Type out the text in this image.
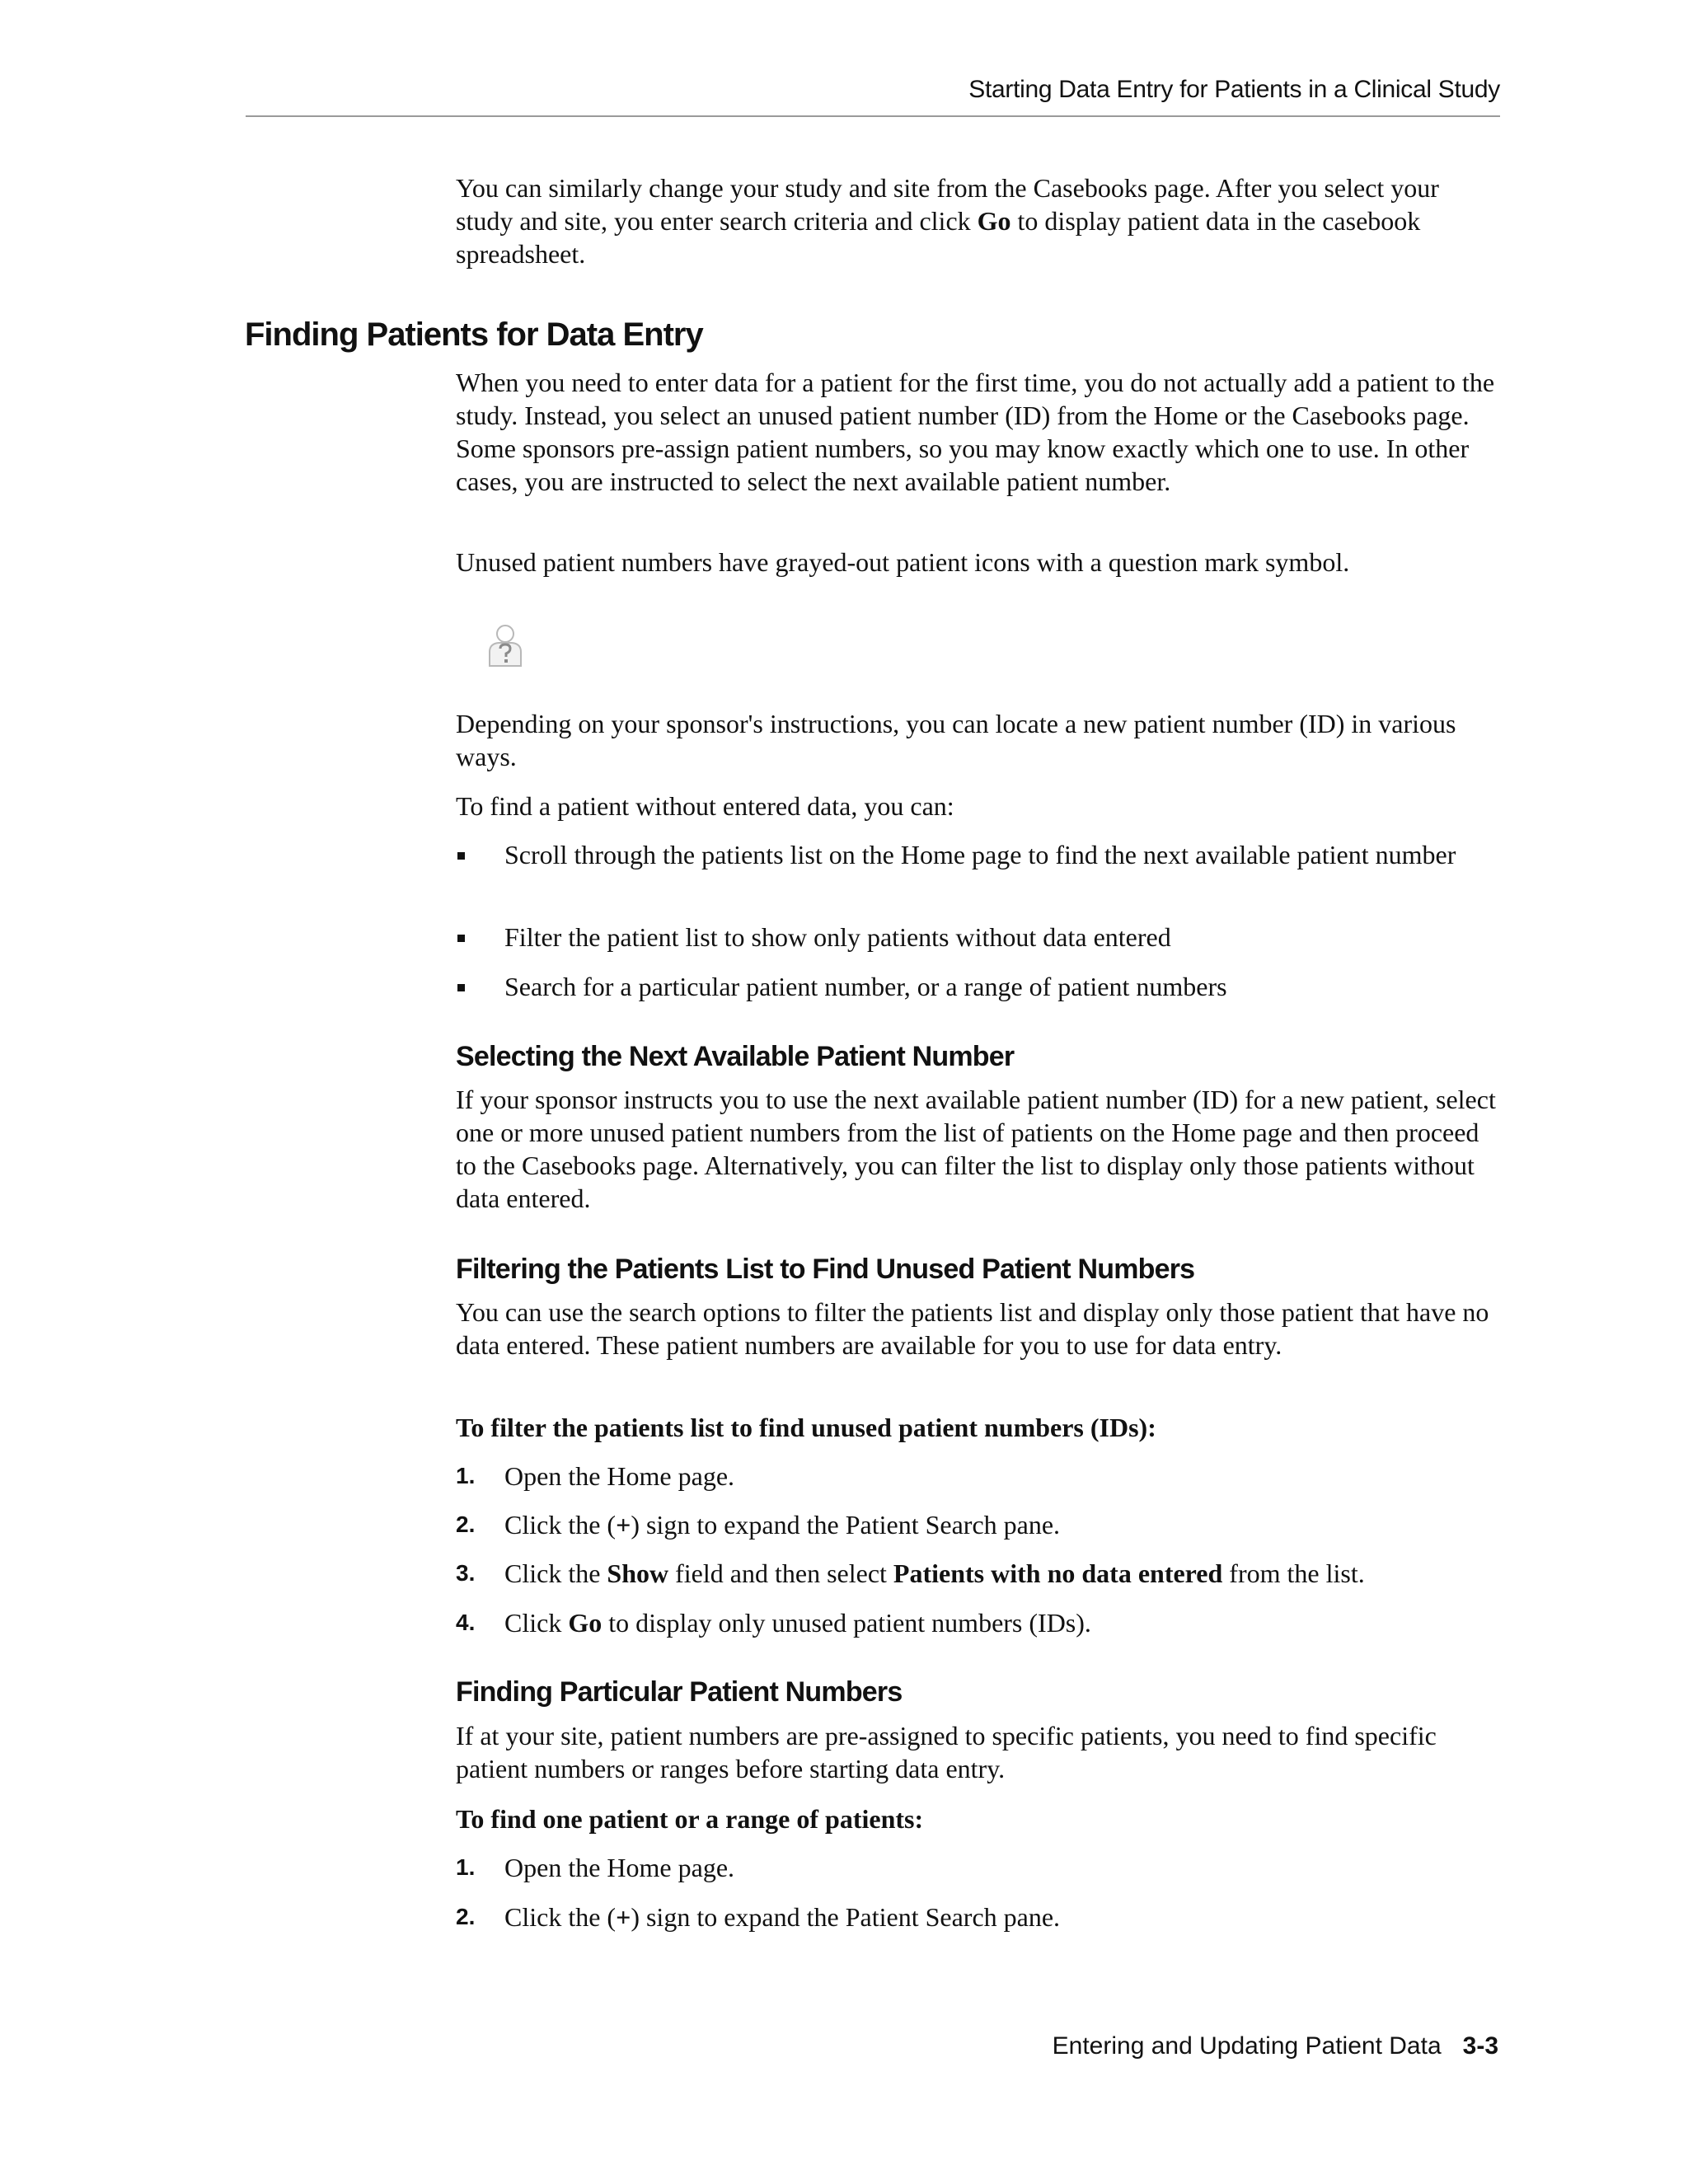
Starting Data Entry for Patients in a Clinical Study

You can similarly change your study and site from the Casebooks page. After you select your study and site, you enter search criteria and click Go to display patient data in the casebook spreadsheet.

Finding Patients for Data Entry

When you need to enter data for a patient for the first time, you do not actually add a patient to the study. Instead, you select an unused patient number (ID) from the Home or the Casebooks page. Some sponsors pre-assign patient numbers, so you may know exactly which one to use. In other cases, you are instructed to select the next available patient number.

Unused patient numbers have grayed-out patient icons with a question mark symbol.

Depending on your sponsor's instructions, you can locate a new patient number (ID) in various ways.

To find a patient without entered data, you can:

Scroll through the patients list on the Home page to find the next available patient number
Filter the patient list to show only patients without data entered
Search for a particular patient number, or a range of patient numbers
Selecting the Next Available Patient Number

If your sponsor instructs you to use the next available patient number (ID) for a new patient, select one or more unused patient numbers from the list of patients on the Home page and then proceed to the Casebooks page. Alternatively, you can filter the list to display only those patients without data entered.

Filtering the Patients List to Find Unused Patient Numbers

You can use the search options to filter the patients list and display only those patient that have no data entered. These patient numbers are available for you to use for data entry.

To filter the patients list to find unused patient numbers (IDs):

1. Open the Home page.
2. Click the (+) sign to expand the Patient Search pane.
3. Click the Show field and then select Patients with no data entered from the list.
4. Click Go to display only unused patient numbers (IDs).
Finding Particular Patient Numbers

If at your site, patient numbers are pre-assigned to specific patients, you need to find specific patient numbers or ranges before starting data entry.

To find one patient or a range of patients:

1. Open the Home page.
2. Click the (+) sign to expand the Patient Search pane.
Entering and Updating Patient Data 3-3
